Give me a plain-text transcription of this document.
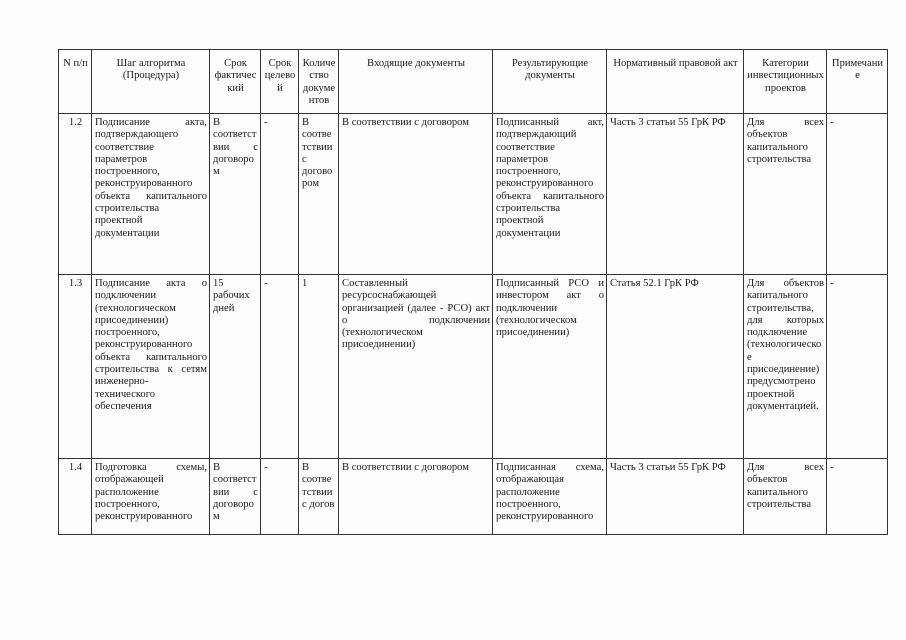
N п/п	Шаг алгоритма (Процедура)	Срок фактический	Срок целевой	Количество документов	Входящие документы	Результирующие документы	Нормативный правовой акт	Категории инвестиционных проектов	Примечание
1.2	Подписание акта, подтверждающего соответствие параметров построенного, реконструированного объекта капитального строительства проектной документации	В соответствии с договором	-	В соответствии с договором	В соответствии с договором	Подписанный акт, подтверждающий соответствие параметров построенного, реконструированного объекта капитального строительства проектной документации	Часть 3 статьи 55 ГрК РФ	Для всех объектов капитального строительства	-
1.3	Подписание акта о подключении (технологическом присоединении) построенного, реконструированного объекта капитального строительства к сетям инженерно-технического обеспечения	15 рабочих дней	-	1	Составленный ресурсоснабжающей организацией (далее - РСО) акт о подключении (технологическом присоединении)	Подписанный РСО и инвестором акт о подключении (технологическом присоединении)	Статья 52.1 ГрК РФ	Для объектов капитального строительства, для которых подключение (технологическое присоединение) предусмотрено проектной документацией.	-
1.4	Подготовка схемы, отображающей расположение построенного, реконструированного	В соответствии с договором	-	В соответствии с догов	В соответствии с договором	Подписанная схема, отображающая расположение построенного, реконструированного	Часть 3 статьи 55 ГрК РФ	Для всех объектов капитального строительства	-
